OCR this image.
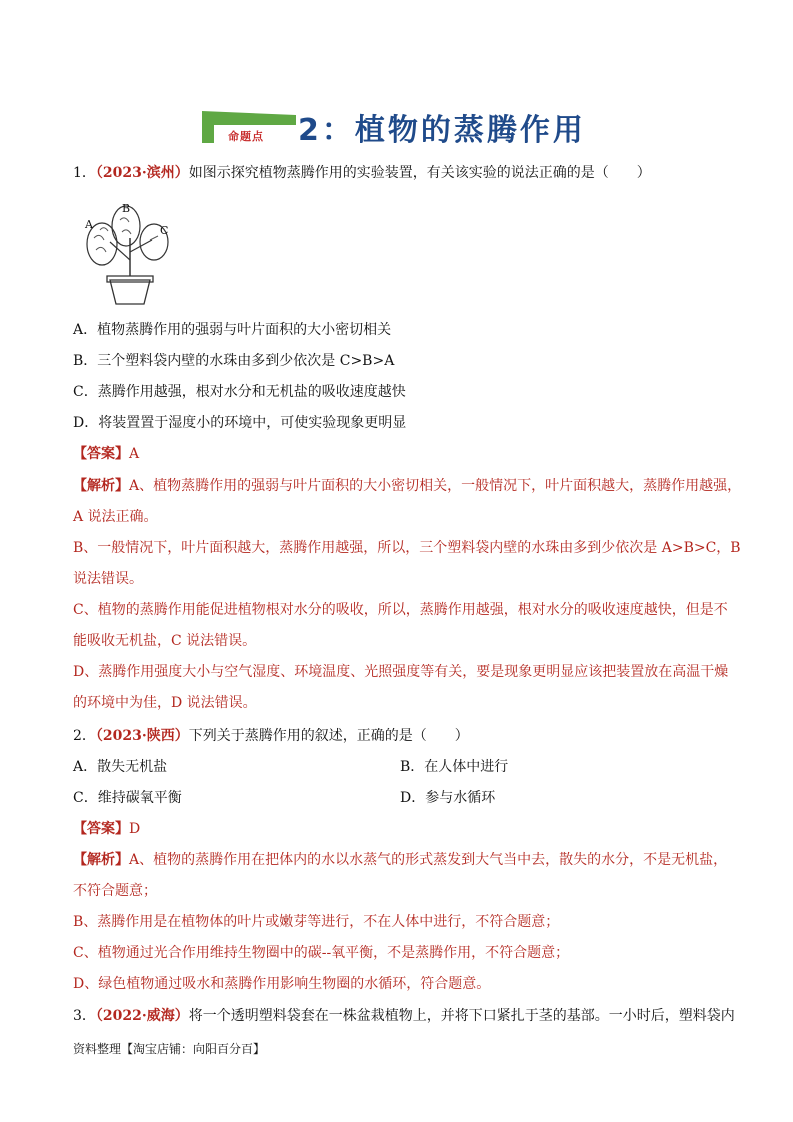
命题点 2：植物的蒸腾作用
1．（2023·滨州）如图示探究植物蒸腾作用的实验装置，有关该实验的说法正确的是（　　）
A
B
C
A．植物蒸腾作用的强弱与叶片面积的大小密切相关
B．三个塑料袋内壁的水珠由多到少依次是 C>B>A
C．蒸腾作用越强，根对水分和无机盐的吸收速度越快
D．将装置置于湿度小的环境中，可使实验现象更明显
【答案】A
【解析】A、植物蒸腾作用的强弱与叶片面积的大小密切相关，一般情况下，叶片面积越大，蒸腾作用越强，
A 说法正确。
B、一般情况下，叶片面积越大，蒸腾作用越强，所以，三个塑料袋内壁的水珠由多到少依次是 A>B>C，B
说法错误。
C、植物的蒸腾作用能促进植物根对水分的吸收，所以，蒸腾作用越强，根对水分的吸收速度越快，但是不
能吸收无机盐，C 说法错误。
D、蒸腾作用强度大小与空气湿度、环境温度、光照强度等有关，要是现象更明显应该把装置放在高温干燥
的环境中为佳，D 说法错误。
2．（2023·陕西）下列关于蒸腾作用的叙述，正确的是（　　）
A．散失无机盐	B．在人体中进行
C．维持碳氧平衡	D．参与水循环
【答案】D
【解析】A、植物的蒸腾作用在把体内的水以水蒸气的形式蒸发到大气当中去，散失的水分，不是无机盐，
不符合题意；
B、蒸腾作用是在植物体的叶片或嫩芽等进行，不在人体中进行，不符合题意；
C、植物通过光合作用维持生物圈中的碳--氧平衡，不是蒸腾作用，不符合题意；
D、绿色植物通过吸水和蒸腾作用影响生物圈的水循环，符合题意。
3．（2022·威海）将一个透明塑料袋套在一株盆栽植物上，并将下口紧扎于茎的基部。一小时后，塑料袋内
资料整理【淘宝店铺：向阳百分百】
